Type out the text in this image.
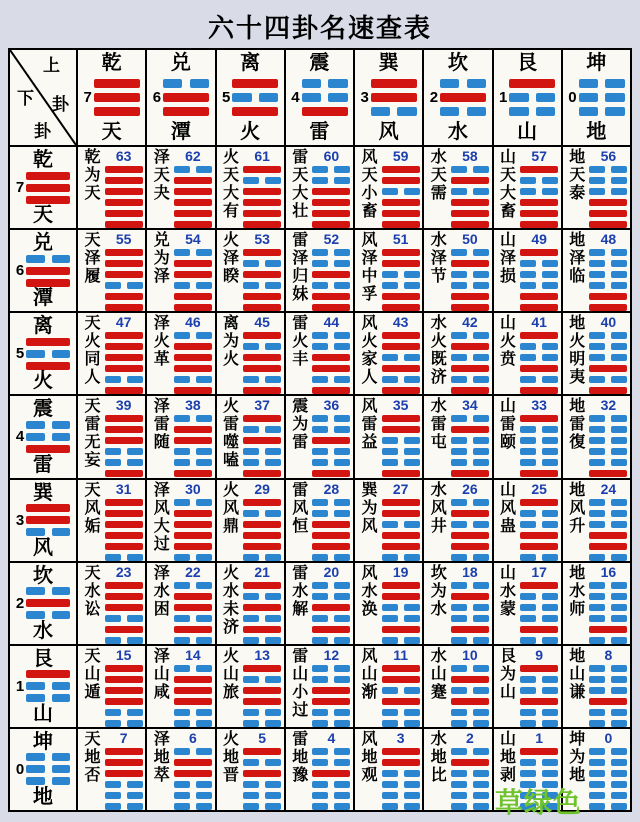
六十四卦名速查表
上
下 卦
卦
乾
7
天
兑
6
潭
离
5
火
震
4
雷
巽
3
风
坎
2
水
艮
1
山
坤
0
地
乾
7
天
乾
为
天
63 泽
天
夬
62 火
天
大
有
61 雷
天
大
壮
60 风
天
小
畜
59 水
天
需
58 山
天
大
畜
57 地
天
泰
56
兑
6
潭
天
泽
履
55 兑
为
泽
54 火
泽
睽
53 雷
泽
归
妹
52 风
泽
中
孚
51 水
泽
节
50 山
泽
损
49 地
泽
临
48
离
5
火
天
火
同
人
47 泽
火
革
46 离
为
火
45 雷
火
丰
44 风
火
家
人
43 水
火
既
济
42 山
火
贲
41 地
火
明
夷
40
震
4
雷
天
雷
无
妄
39 泽
雷
随
38 火
雷
噬
嗑
37 震
为
雷
36 风
雷
益
35 水
雷
屯
34 山
雷
颐
33 地
雷
復
32
巽
3
风
天
风
姤
31 泽
风
大
过
30 火
风
鼎
29 雷
风
恒
28 巽
为
风
27 水
风
井
26 山
风
蛊
25 地
风
升
24
坎
2
水
天
水
讼
23 泽
水
困
22 火
水
未
济
21 雷
水
解
20 风
水
涣
19 坎
为
水
18 山
水
蒙
17 地
水
师
16
艮
1
山
天
山
遁
15 泽
山
咸
14 火
山
旅
13 雷
山
小
过
12 风
山
渐
11 水
山
蹇
10 艮
为
山
9 地
山
谦
8
坤
0
地
天
地
否
7 泽
地
萃
6 火
地
晋
5 雷
地
豫
4 风
地
观
3 水
地
比
2 山
地
剥
1 坤
为
地
0
草绿色
